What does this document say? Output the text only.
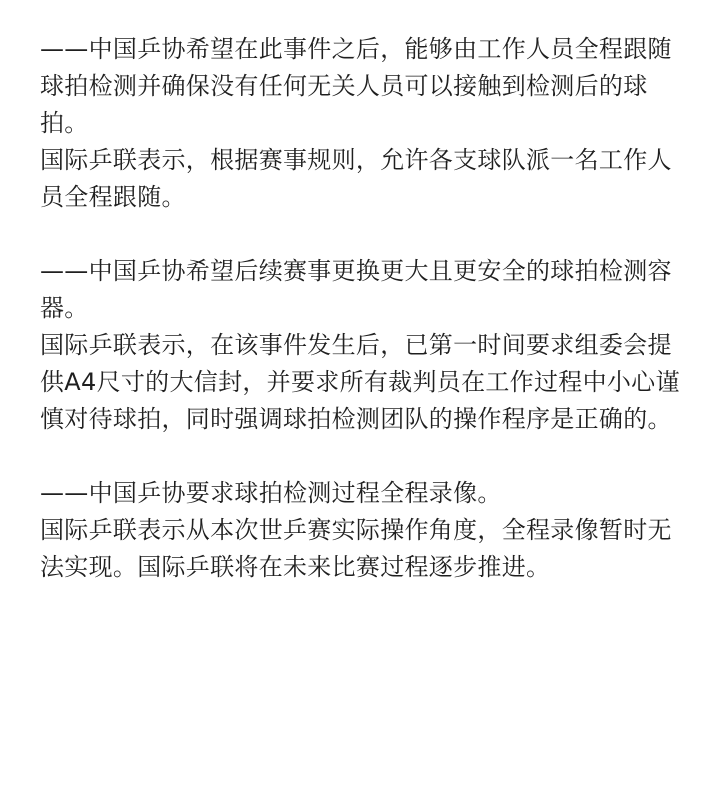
——中国乒协希望在此事件之后，能够由工作人员全程跟随球拍检测并确保没有任何无关人员可以接触到检测后的球拍。

国际乒联表示，根据赛事规则，允许各支球队派一名工作人员全程跟随。

——中国乒协希望后续赛事更换更大且更安全的球拍检测容器。

国际乒联表示，在该事件发生后，已第一时间要求组委会提供A4尺寸的大信封，并要求所有裁判员在工作过程中小心谨慎对待球拍，同时强调球拍检测团队的操作程序是正确的。

——中国乒协要求球拍检测过程全程录像。

国际乒联表示从本次世乒赛实际操作角度，全程录像暂时无法实现。国际乒联将在未来比赛过程逐步推进。
